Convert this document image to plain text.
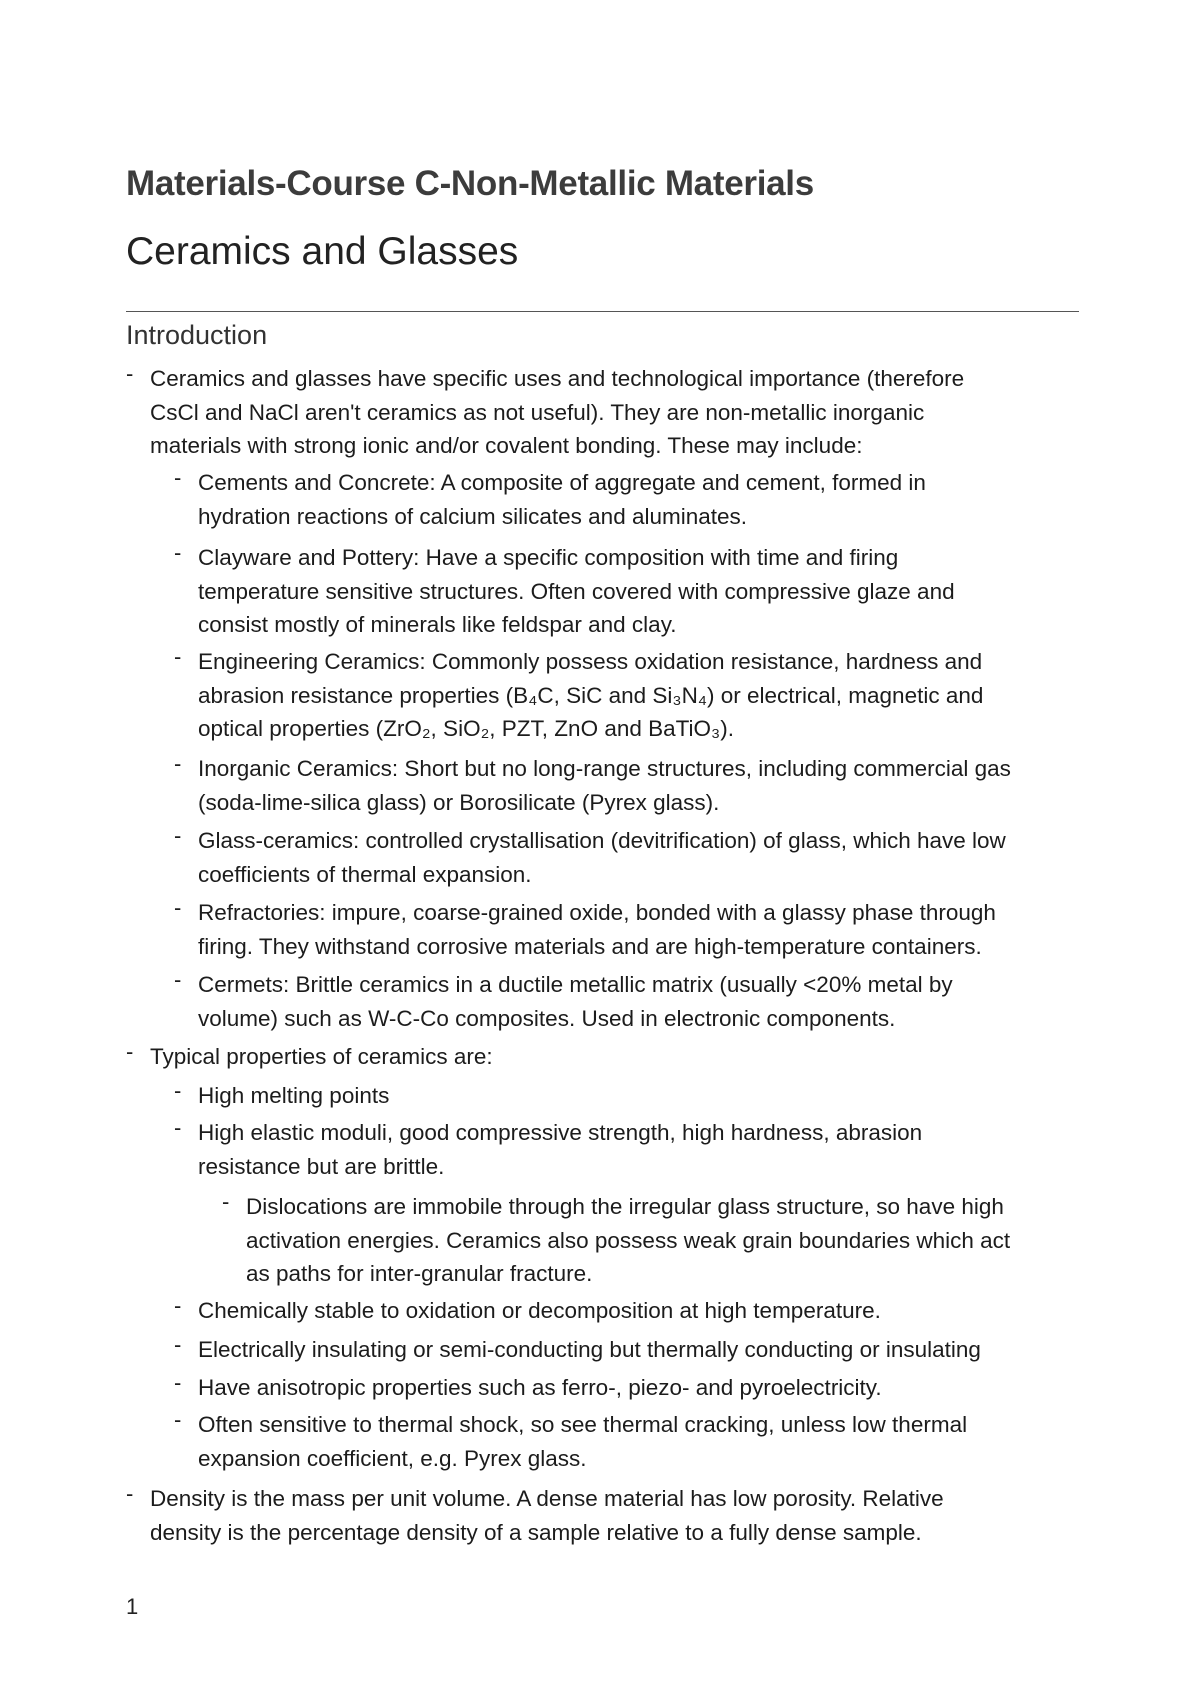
Materials-Course C-Non-Metallic Materials
Ceramics and Glasses
Introduction
- Ceramics and glasses have specific uses and technological importance (therefore
CsCl and NaCl aren't ceramics as not useful). They are non-metallic inorganic
materials with strong ionic and/or covalent bonding. These may include:
- Cements and Concrete: A composite of aggregate and cement, formed in
hydration reactions of calcium silicates and aluminates.
- Clayware and Pottery: Have a specific composition with time and firing
temperature sensitive structures. Often covered with compressive glaze and
consist mostly of minerals like feldspar and clay.
- Engineering Ceramics: Commonly possess oxidation resistance, hardness and
abrasion resistance properties (B₄C, SiC and Si₃N₄) or electrical, magnetic and
optical properties (ZrO₂, SiO₂, PZT, ZnO and BaTiO₃).
- Inorganic Ceramics: Short but no long-range structures, including commercial gas
(soda-lime-silica glass) or Borosilicate (Pyrex glass).
- Glass-ceramics: controlled crystallisation (devitrification) of glass, which have low
coefficients of thermal expansion.
- Refractories: impure, coarse-grained oxide, bonded with a glassy phase through
firing. They withstand corrosive materials and are high-temperature containers.
- Cermets: Brittle ceramics in a ductile metallic matrix (usually <20% metal by
volume) such as W-C-Co composites. Used in electronic components.
- Typical properties of ceramics are:
- High melting points
- High elastic moduli, good compressive strength, high hardness, abrasion
resistance but are brittle.
- Dislocations are immobile through the irregular glass structure, so have high
activation energies. Ceramics also possess weak grain boundaries which act
as paths for inter-granular fracture.
- Chemically stable to oxidation or decomposition at high temperature.
- Electrically insulating or semi-conducting but thermally conducting or insulating
- Have anisotropic properties such as ferro-, piezo- and pyroelectricity.
- Often sensitive to thermal shock, so see thermal cracking, unless low thermal
expansion coefficient, e.g. Pyrex glass.
- Density is the mass per unit volume. A dense material has low porosity. Relative
density is the percentage density of a sample relative to a fully dense sample.
1
